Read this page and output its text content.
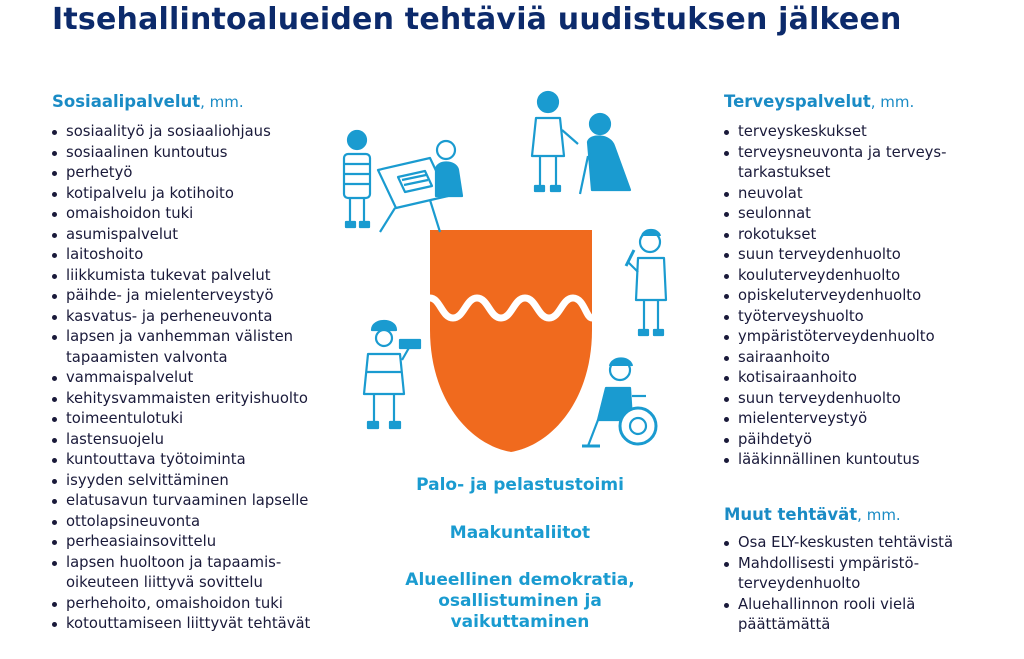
Itsehallintoalueiden tehtäviä uudistuksen jälkeen
Sosiaalipalvelut, mm.
sosiaalityö ja sosiaaliohjaus
sosiaalinen kuntoutus
perhetyö
kotipalvelu ja kotihoito
omaishoidon tuki
asumispalvelut
laitoshoito
liikkumista tukevat palvelut
päihde- ja mielenterveystyö
kasvatus- ja perheneuvonta
lapsen ja vanhemman välisten
tapaamisten valvonta
vammaispalvelut
kehitysvammaisten erityishuolto
toimeentulotuki
lastensuojelu
kuntouttava työtoiminta
isyyden selvittäminen
elatusavun turvaaminen lapselle
ottolapsineuvonta
perheasiainsovittelu
lapsen huoltoon ja tapaamis-
oikeuteen liittyvä sovittelu
perhehoito, omaishoidon tuki
kotouttamiseen liittyvät tehtävät
Terveyspalvelut, mm.
terveyskeskukset
terveysneuvonta ja terveys-
tarkastukset
neuvolat
seulonnat
rokotukset
suun terveydenhuolto
kouluterveydenhuolto
opiskeluterveydenhuolto
työterveyshuolto
ympäristöterveydenhuolto
sairaanhoito
kotisairaanhoito
suun terveydenhuolto
mielenterveystyö
päihdetyö
lääkinnällinen kuntoutus
Muut tehtävät, mm.
Osa ELY-keskusten tehtävistä
Mahdollisesti ympäristö-
terveydenhuolto
Aluehallinnon rooli vielä
päättämättä
Palo- ja pelastustoimi
Maakuntaliitot
Alueellinen demokratia,
osallistuminen ja
vaikuttaminen
